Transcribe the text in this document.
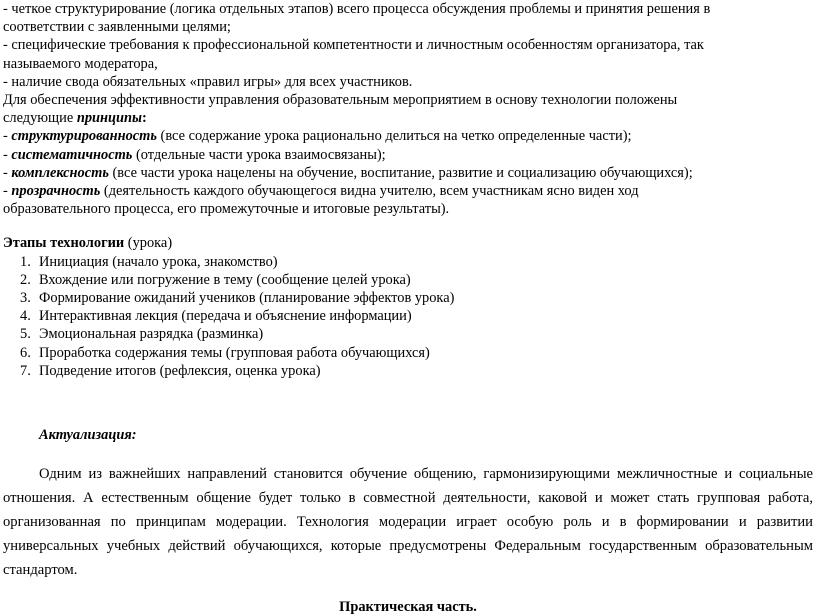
- четкое структурирование (логика отдельных этапов) всего процесса обсуждения проблемы и принятия решения в
соответствии с заявленными целями;
- специфические требования к профессиональной компетентности и личностным особенностям организатора, так
называемого модератора,
- наличие свода обязательных «правил игры» для всех участников.
Для обеспечения эффективности управления образовательным мероприятием в основу технологии положены
следующие принципы:
- структурированность (все содержание урока рационально делиться на четко определенные части);
- систематичность (отдельные части урока взаимосвязаны);
- комплексность (все части урока нацелены на обучение, воспитание, развитие и социализацию обучающихся);
- прозрачность (деятельность каждого обучающегося видна учителю, всем участникам ясно виден ход
образовательного процесса, его промежуточные и итоговые результаты).
Этапы технологии (урока)
1. Инициация (начало урока, знакомство)
2. Вхождение или погружение в тему (сообщение целей урока)
3. Формирование ожиданий учеников (планирование эффектов урока)
4. Интерактивная лекция (передача и объяснение информации)
5. Эмоциональная разрядка (разминка)
6. Проработка содержания темы (групповая работа обучающихся)
7. Подведение итогов (рефлексия, оценка урока)
Актуализация:
Одним из важнейших направлений становится обучение общению, гармонизирующими межличностные и социальные отношения. А естественным общение будет только в совместной деятельности, каковой и может стать групповая работа, организованная по принципам модерации. Технология модерации играет особую роль и в формировании и развитии универсальных учебных действий обучающихся, которые предусмотрены Федеральным государственным образовательным стандартом.
Практическая часть.
